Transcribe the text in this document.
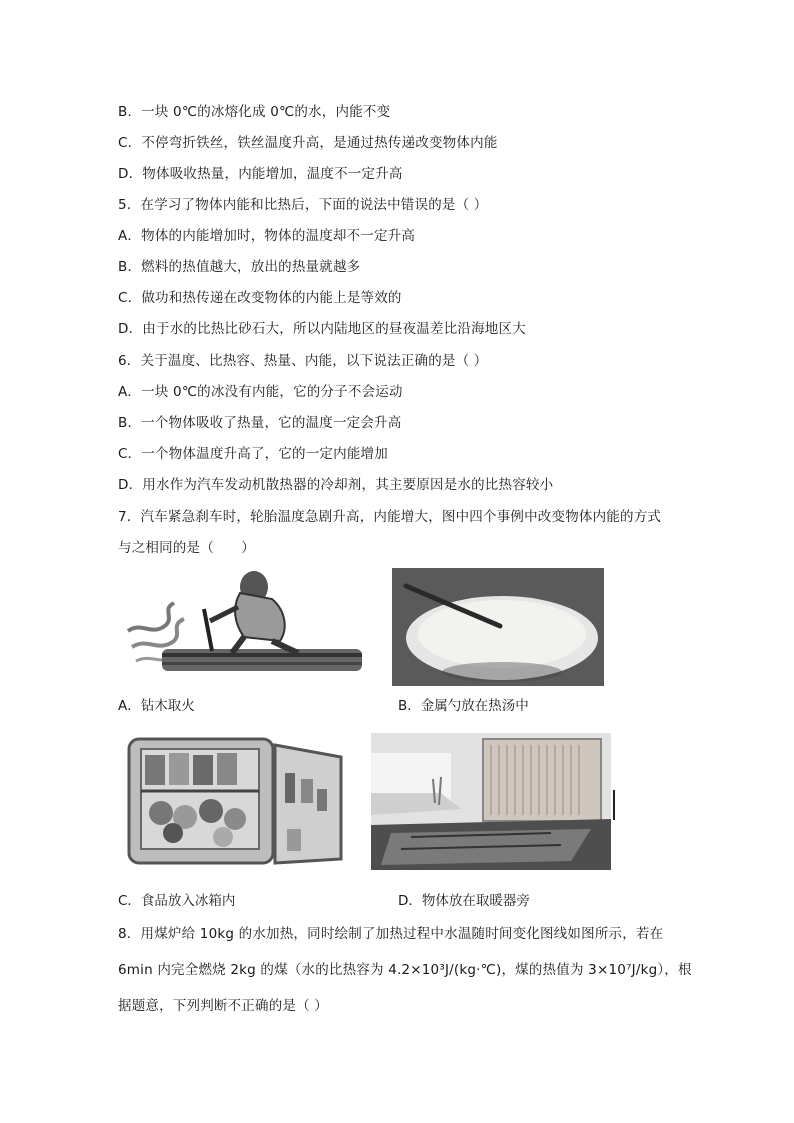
B．一块 0℃的冰熔化成 0℃的水，内能不变
C．不停弯折铁丝，铁丝温度升高，是通过热传递改变物体内能
D．物体吸收热量，内能增加，温度不一定升高
5．在学习了物体内能和比热后，下面的说法中错误的是（ ）
A．物体的内能增加时，物体的温度却不一定升高
B．燃料的热值越大，放出的热量就越多
C．做功和热传递在改变物体的内能上是等效的
D．由于水的比热比砂石大，所以内陆地区的昼夜温差比沿海地区大
6．关于温度、比热容、热量、内能，以下说法正确的是（ ）
A．一块 0℃的冰没有内能，它的分子不会运动
B．一个物体吸收了热量，它的温度一定会升高
C．一个物体温度升高了，它的一定内能增加
D．用水作为汽车发动机散热器的冷却剂，其主要原因是水的比热容较小
7．汽车紧急刹车时，轮胎温度急剧升高，内能增大，图中四个事例中改变物体内能的方式
与之相同的是（　　）
A．钻木取火	B．金属勺放在热汤中
C．食品放入冰箱内	D．物体放在取暖器旁
8．用煤炉给 10kg 的水加热，同时绘制了加热过程中水温随时间变化图线如图所示，若在
6min 内完全燃烧 2kg 的煤（水的比热容为 4.2×10³J/(kg·℃)，煤的热值为 3×10⁷J/kg），根
据题意，下列判断不正确的是（ ）
